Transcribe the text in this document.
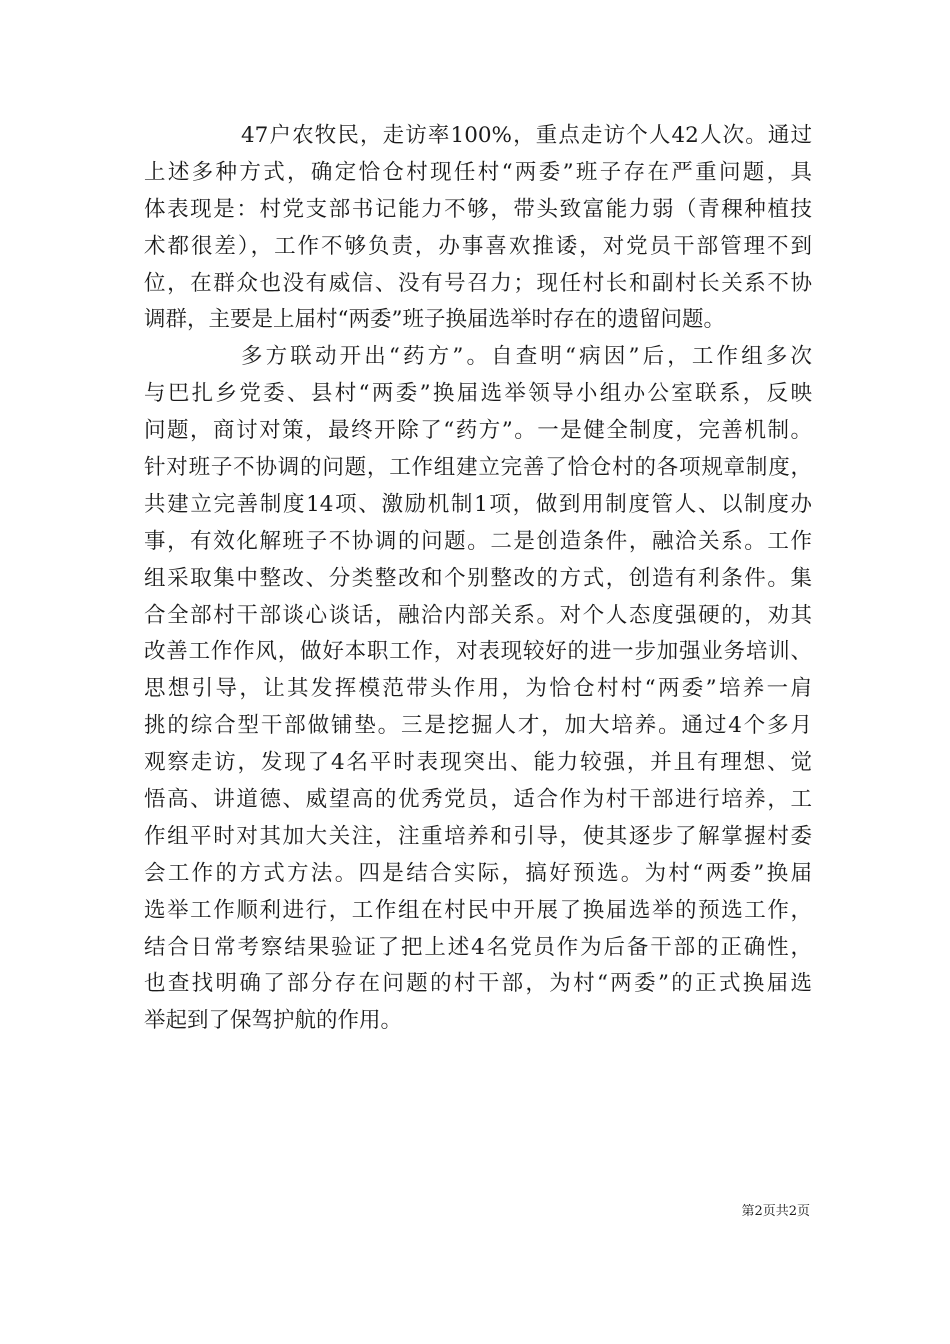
47户农牧民，走访率100%，重点走访个人42人次。通过
上述多种方式，确定恰仓村现任村“两委”班子存在严重问题，具
体表现是：村党支部书记能力不够，带头致富能力弱（青稞种植技
术都很差），工作不够负责，办事喜欢推诿，对党员干部管理不到
位，在群众也没有威信、没有号召力；现任村长和副村长关系不协
调群，主要是上届村“两委”班子换届选举时存在的遗留问题。
多方联动开出“药方”。自查明“病因”后，工作组多次
与巴扎乡党委、县村“两委”换届选举领导小组办公室联系，反映
问题，商讨对策，最终开除了“药方”。一是健全制度，完善机制。
针对班子不协调的问题，工作组建立完善了恰仓村的各项规章制度，
共建立完善制度14项、激励机制1项，做到用制度管人、以制度办
事，有效化解班子不协调的问题。二是创造条件，融洽关系。工作
组采取集中整改、分类整改和个别整改的方式，创造有利条件。集
合全部村干部谈心谈话，融洽内部关系。对个人态度强硬的，劝其
改善工作作风，做好本职工作，对表现较好的进一步加强业务培训、
思想引导，让其发挥模范带头作用，为恰仓村村“两委”培养一肩
挑的综合型干部做铺垫。三是挖掘人才，加大培养。通过4个多月
观察走访，发现了4名平时表现突出、能力较强，并且有理想、觉
悟高、讲道德、威望高的优秀党员，适合作为村干部进行培养，工
作组平时对其加大关注，注重培养和引导，使其逐步了解掌握村委
会工作的方式方法。四是结合实际，搞好预选。为村“两委”换届
选举工作顺利进行，工作组在村民中开展了换届选举的预选工作，
结合日常考察结果验证了把上述4名党员作为后备干部的正确性，
也查找明确了部分存在问题的村干部，为村“两委”的正式换届选
举起到了保驾护航的作用。
第2页共2页
